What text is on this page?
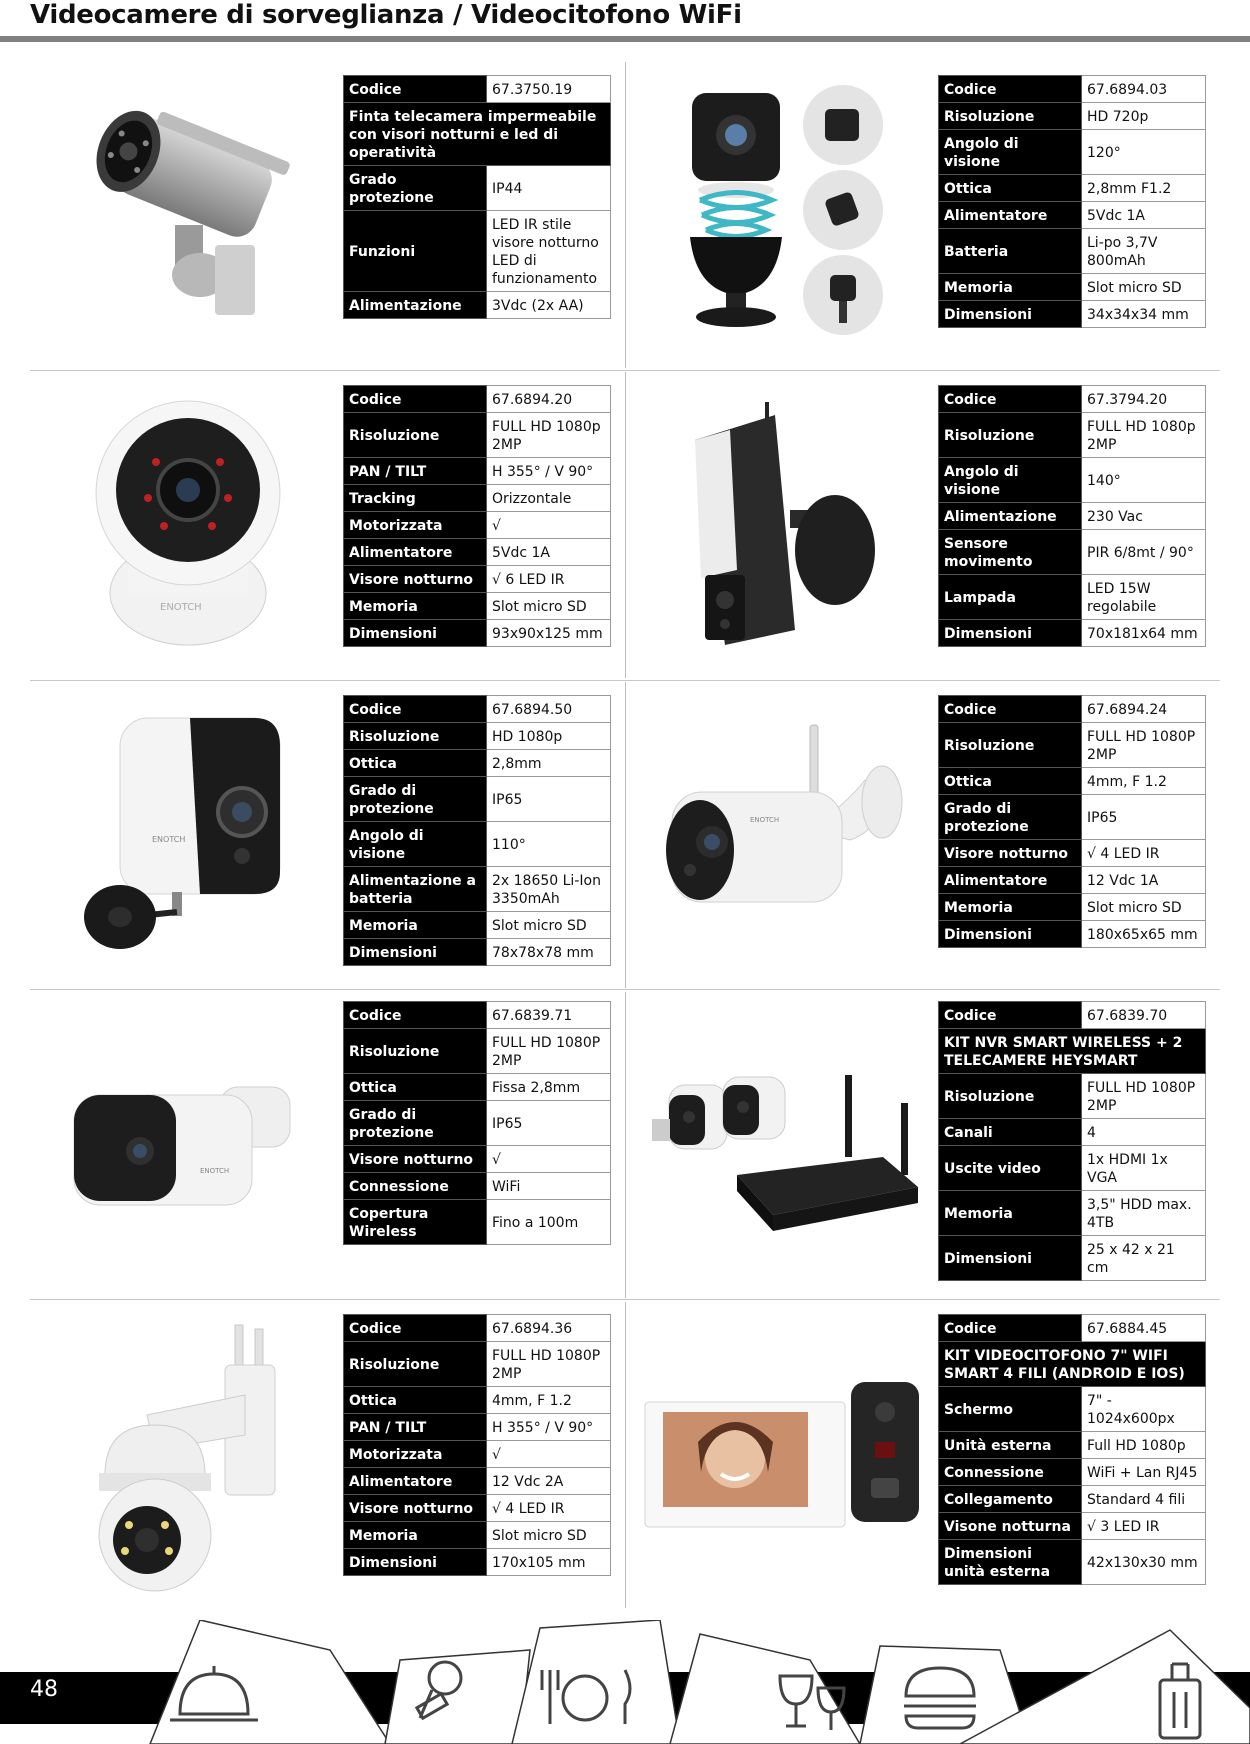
Videocamere di sorveglianza / Videocitofono WiFi
Codice	67.3750.19
Finta telecamera impermeabile con visori notturni e led di operatività	
Grado protezione	IP44
Funzioni	LED IR stile visore notturno LED di funzionamento
Alimentazione	3Vdc (2x AA)
Codice	67.6894.03
Risoluzione	HD 720p
Angolo di visione	120°
Ottica	2,8mm F1.2
Alimentatore	5Vdc 1A
Batteria	Li-po 3,7V 800mAh
Memoria	Slot micro SD
Dimensioni	34x34x34 mm
Codice	67.6894.20
Risoluzione	FULL HD 1080p 2MP
PAN / TILT	H 355° / V 90°
Tracking	Orizzontale
Motorizzata	√
Alimentatore	5Vdc 1A
Visore notturno	√ 6 LED IR
Memoria	Slot micro SD
Dimensioni	93x90x125 mm
Codice	67.3794.20
Risoluzione	FULL HD 1080p 2MP
Angolo di visione	140°
Alimentazione	230 Vac
Sensore movimento	PIR 6/8mt / 90°
Lampada	LED 15W regolabile
Dimensioni	70x181x64 mm
Codice	67.6894.50
Risoluzione	HD 1080p
Ottica	2,8mm
Grado di protezione	IP65
Angolo di visione	110°
Alimentazione a batteria	2x 18650 Li-Ion 3350mAh
Memoria	Slot micro SD
Dimensioni	78x78x78 mm
Codice	67.6894.24
Risoluzione	FULL HD 1080P 2MP
Ottica	4mm, F 1.2
Grado di protezione	IP65
Visore notturno	√ 4 LED IR
Alimentatore	12 Vdc 1A
Memoria	Slot micro SD
Dimensioni	180x65x65 mm
Codice	67.6839.71
Risoluzione	FULL HD 1080P 2MP
Ottica	Fissa 2,8mm
Grado di protezione	IP65
Visore notturno	√
Connessione	WiFi
Copertura Wireless	Fino a 100m
Codice	67.6839.70
KIT NVR SMART WIRELESS + 2 TELECAMERE HEYSMART	
Risoluzione	FULL HD 1080P 2MP
Canali	4
Uscite video	1x HDMI 1x VGA
Memoria	3,5" HDD max. 4TB
Dimensioni	25 x 42 x 21 cm
Codice	67.6894.36
Risoluzione	FULL HD 1080P 2MP
Ottica	4mm, F 1.2
PAN / TILT	H 355° / V 90°
Motorizzata	√
Alimentatore	12 Vdc 2A
Visore notturno	√ 4 LED IR
Memoria	Slot micro SD
Dimensioni	170x105 mm
Codice	67.6884.45
KIT VIDEOCITOFONO 7" WIFI SMART 4 FILI (ANDROID E IOS)	
Schermo	7" - 1024x600px
Unità esterna	Full HD 1080p
Connessione	WiFi + Lan RJ45
Collegamento	Standard 4 fili
Visone notturna	√ 3 LED IR
Dimensioni unità esterna	42x130x30 mm
ENOTCH
ENOTCH
ENOTCH
ENOTCH
48
